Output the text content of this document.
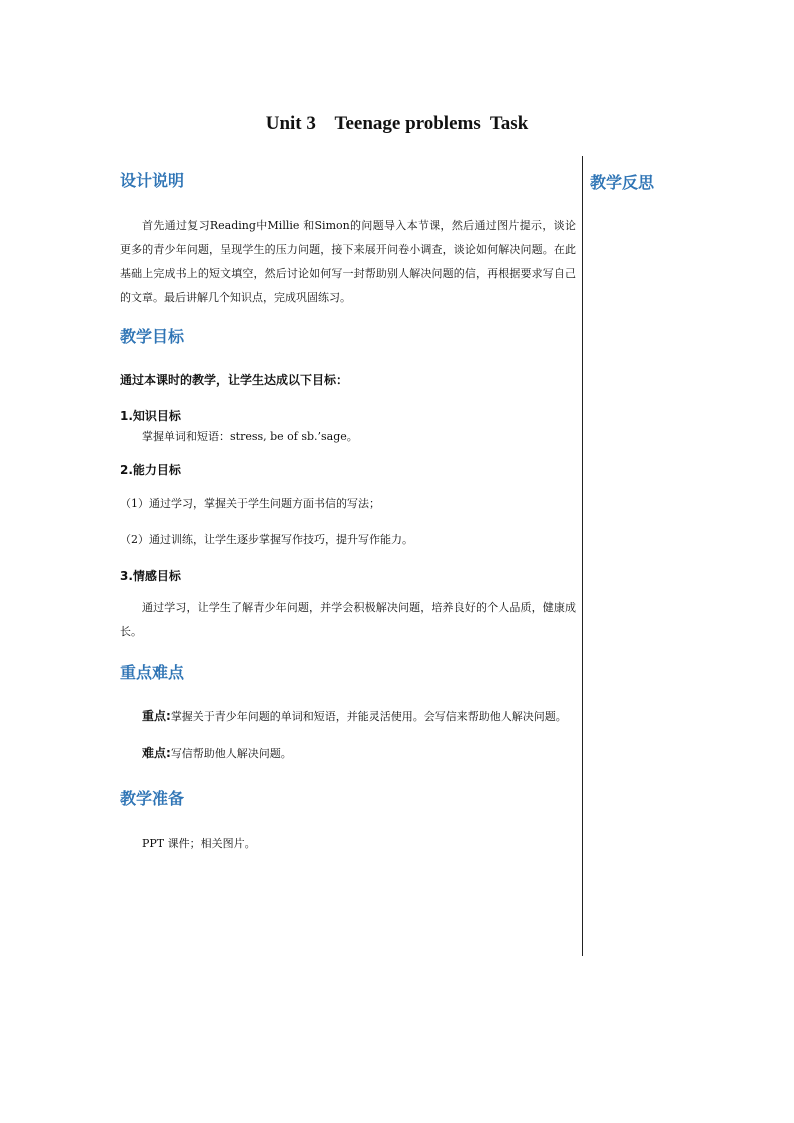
Unit 3    Teenage problems  Task
教学反思
设计说明

首先通过复习Reading中Millie 和Simon的问题导入本节课，然后通过图片提示，谈论更多的青少年问题，呈现学生的压力问题，接下来展开问卷小调查，谈论如何解决问题。在此基础上完成书上的短文填空，然后讨论如何写一封帮助别人解决问题的信，再根据要求写自己的文章。最后讲解几个知识点，完成巩固练习。

教学目标

通过本课时的教学，让学生达成以下目标：

1.知识目标

掌握单词和短语：stress, be of sb.’sage。

2.能力目标

（1）通过学习，掌握关于学生问题方面书信的写法；

（2）通过训练，让学生逐步掌握写作技巧，提升写作能力。

3.情感目标

通过学习，让学生了解青少年问题，并学会积极解决问题，培养良好的个人品质，健康成长。

重点难点

重点:掌握关于青少年问题的单词和短语，并能灵活使用。会写信来帮助他人解决问题。

难点:写信帮助他人解决问题。

教学准备

PPT 课件；相关图片。
